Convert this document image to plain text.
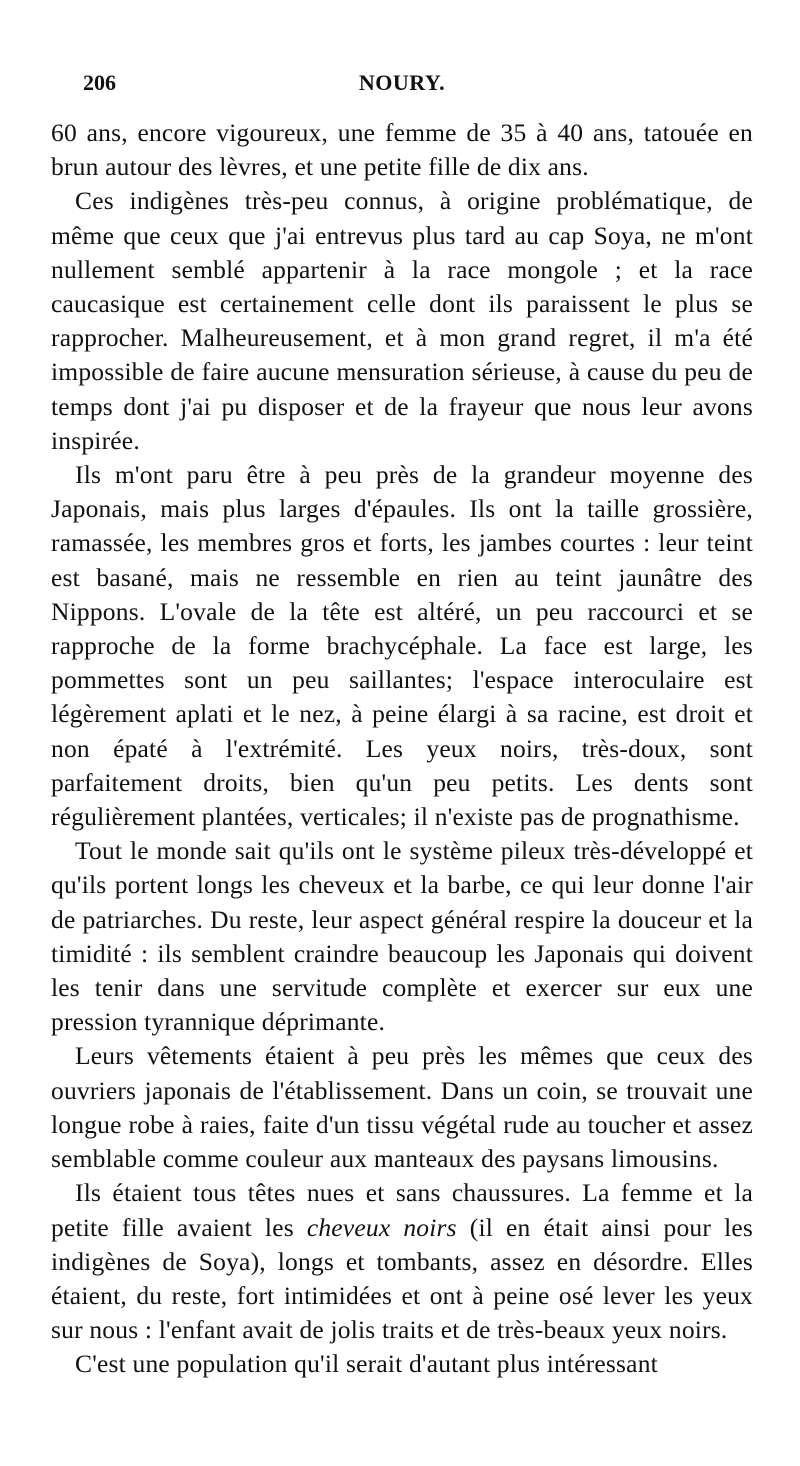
206	NOURY.

60 ans, encore vigoureux, une femme de 35 à 40 ans, tatouée en brun autour des lèvres, et une petite fille de dix ans.

Ces indigènes très-peu connus, à origine problématique, de même que ceux que j'ai entrevus plus tard au cap Soya, ne m'ont nullement semblé appartenir à la race mongole ; et la race caucasique est certainement celle dont ils paraissent le plus se rapprocher. Malheureusement, et à mon grand regret, il m'a été impossible de faire aucune mensuration sérieuse, à cause du peu de temps dont j'ai pu disposer et de la frayeur que nous leur avons inspirée.

Ils m'ont paru être à peu près de la grandeur moyenne des Japonais, mais plus larges d'épaules. Ils ont la taille grossière, ramassée, les membres gros et forts, les jambes courtes : leur teint est basané, mais ne ressemble en rien au teint jaunâtre des Nippons. L'ovale de la tête est altéré, un peu raccourci et se rapproche de la forme brachycéphale. La face est large, les pommettes sont un peu saillantes; l'espace interoculaire est légèrement aplati et le nez, à peine élargi à sa racine, est droit et non épaté à l'extrémité. Les yeux noirs, très-doux, sont parfaitement droits, bien qu'un peu petits. Les dents sont régulièrement plantées, verticales; il n'existe pas de prognathisme.

Tout le monde sait qu'ils ont le système pileux très-développé et qu'ils portent longs les cheveux et la barbe, ce qui leur donne l'air de patriarches. Du reste, leur aspect général respire la douceur et la timidité : ils semblent craindre beaucoup les Japonais qui doivent les tenir dans une servitude complète et exercer sur eux une pression tyrannique déprimante.

Leurs vêtements étaient à peu près les mêmes que ceux des ouvriers japonais de l'établissement. Dans un coin, se trouvait une longue robe à raies, faite d'un tissu végétal rude au toucher et assez semblable comme couleur aux manteaux des paysans limousins.

Ils étaient tous têtes nues et sans chaussures. La femme et la petite fille avaient les cheveux noirs (il en était ainsi pour les indigènes de Soya), longs et tombants, assez en désordre. Elles étaient, du reste, fort intimidées et ont à peine osé lever les yeux sur nous : l'enfant avait de jolis traits et de très-beaux yeux noirs.

C'est une population qu'il serait d'autant plus intéressant
